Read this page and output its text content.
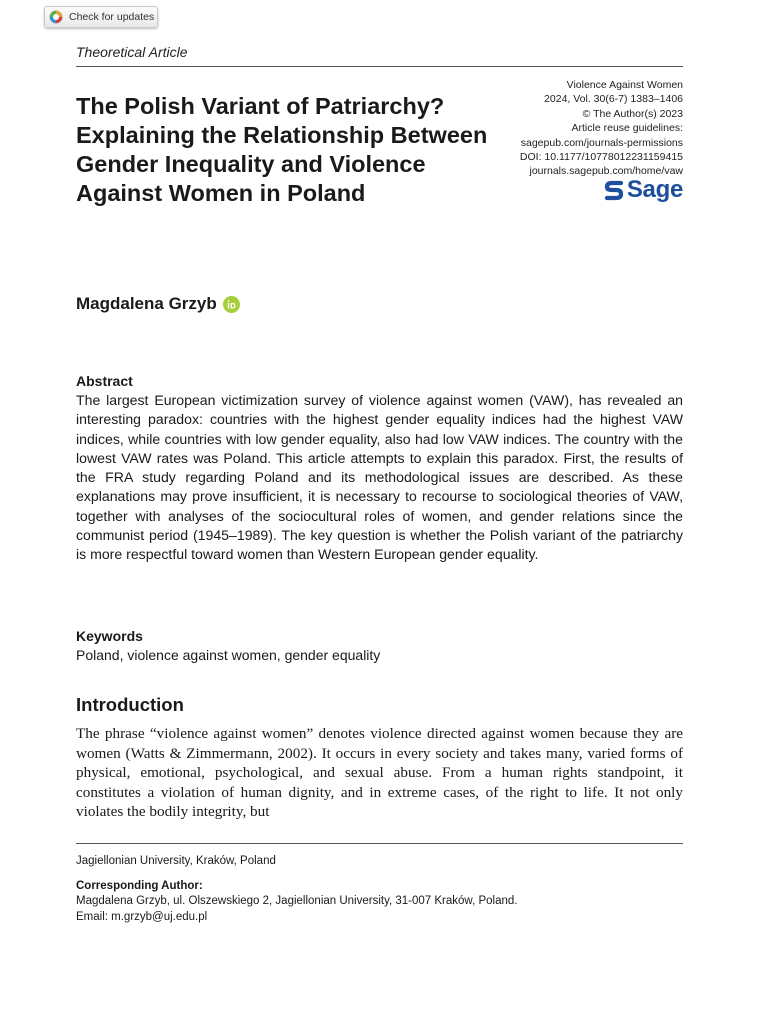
Check for updates
Theoretical Article
The Polish Variant of Patriarchy? Explaining the Relationship Between Gender Inequality and Violence Against Women in Poland
Violence Against Women
2024, Vol. 30(6-7) 1383–1406
© The Author(s) 2023
Article reuse guidelines:
sagepub.com/journals-permissions
DOI: 10.1177/10778012231159415
journals.sagepub.com/home/vaw
Sage
Magdalena Grzyb
Abstract

The largest European victimization survey of violence against women (VAW), has revealed an interesting paradox: countries with the highest gender equality indices had the highest VAW indices, while countries with low gender equality, also had low VAW indices. The country with the lowest VAW rates was Poland. This article attempts to explain this paradox. First, the results of the FRA study regarding Poland and its methodological issues are described. As these explanations may prove insufficient, it is necessary to recourse to sociological theories of VAW, together with analyses of the sociocultural roles of women, and gender relations since the communist period (1945–1989). The key question is whether the Polish variant of the patriarchy is more respectful toward women than Western European gender equality.

Keywords
Poland, violence against women, gender equality
Introduction

The phrase “violence against women” denotes violence directed against women because they are women (Watts & Zimmermann, 2002). It occurs in every society and takes many, varied forms of physical, emotional, psychological, and sexual abuse. From a human rights standpoint, it constitutes a violation of human dignity, and in extreme cases, of the right to life. It not only violates the bodily integrity, but

Jagiellonian University, Kraków, Poland
Corresponding Author:
Magdalena Grzyb, ul. Olszewskiego 2, Jagiellonian University, 31-007 Kraków, Poland.
Email: m.grzyb@uj.edu.pl
